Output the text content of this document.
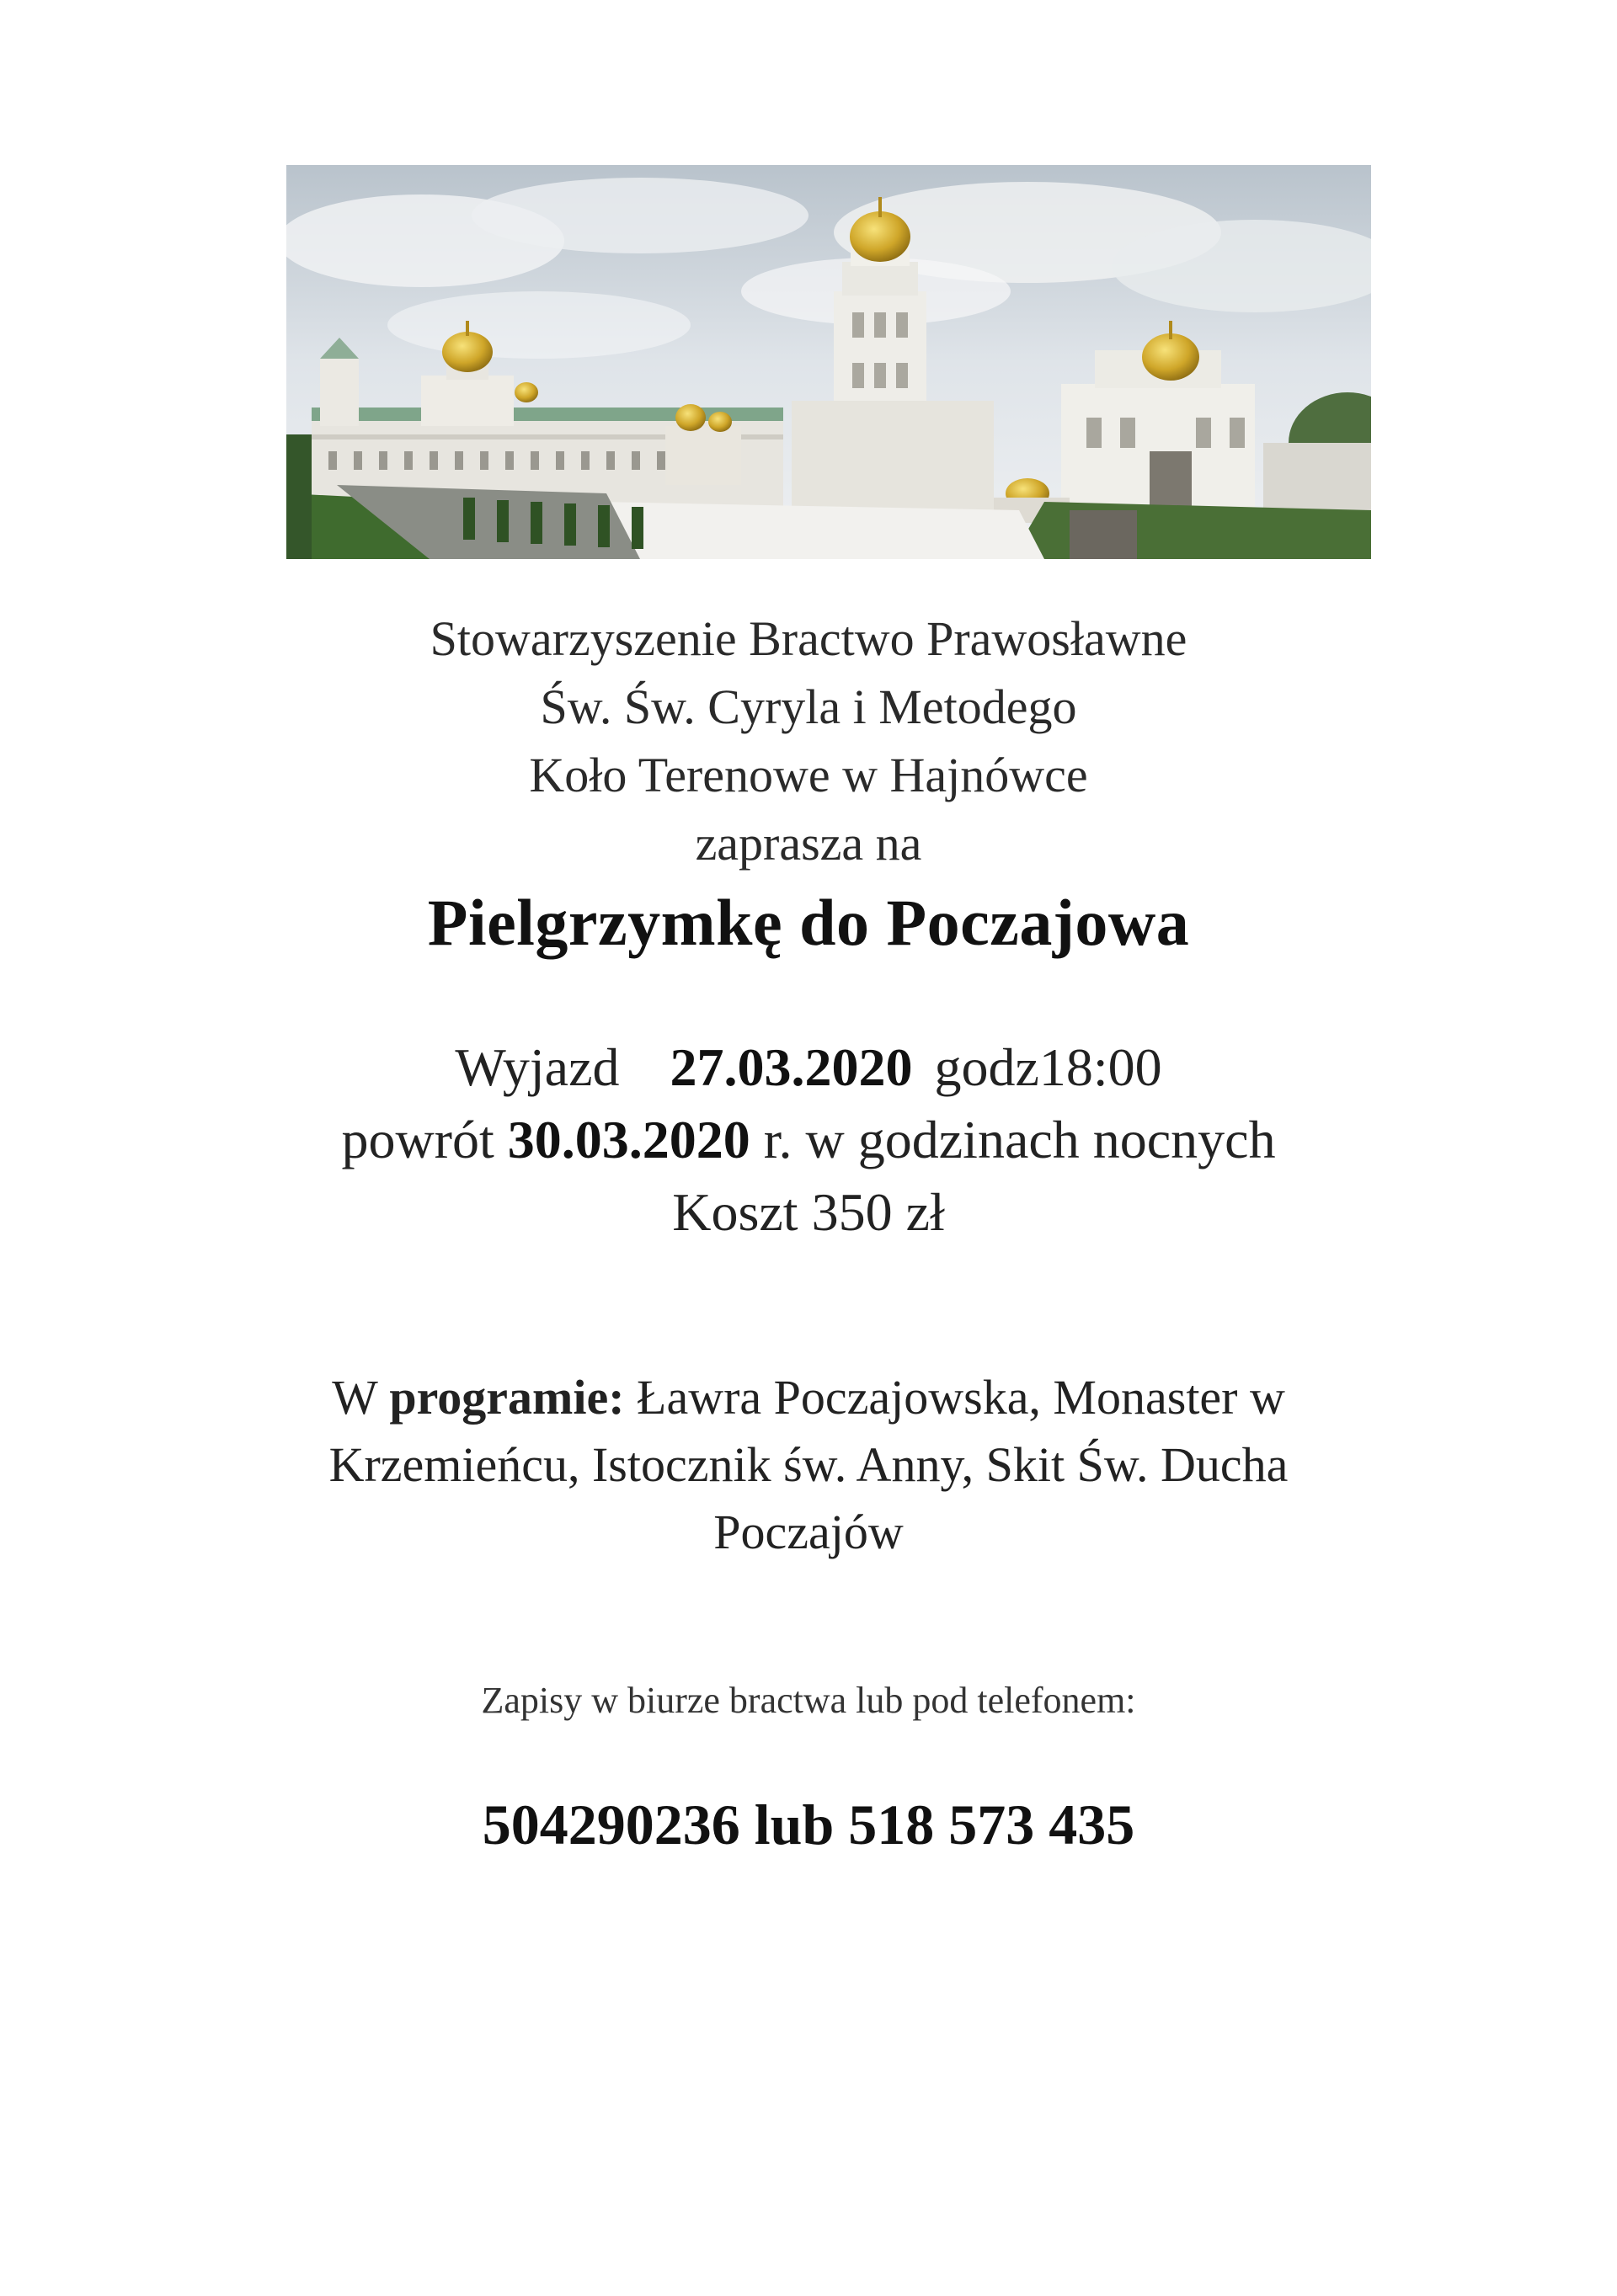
Stowarzyszenie Bractwo Prawosławne
Św. Św. Cyryla i Metodego
Koło Terenowe w Hajnówce
zaprasza na
Pielgrzymkę do Poczajowa
Wyjazd 27.03.2020 godz18:00
powrót 30.03.2020 r. w godzinach nocnych
Koszt 350 zł
W programie: Ławra Poczajowska, Monaster w
Krzemieńcu, Istocznik św. Anny, Skit Św. Ducha
Poczajów
Zapisy w biurze bractwa lub pod telefonem:
504290236 lub 518 573 435
